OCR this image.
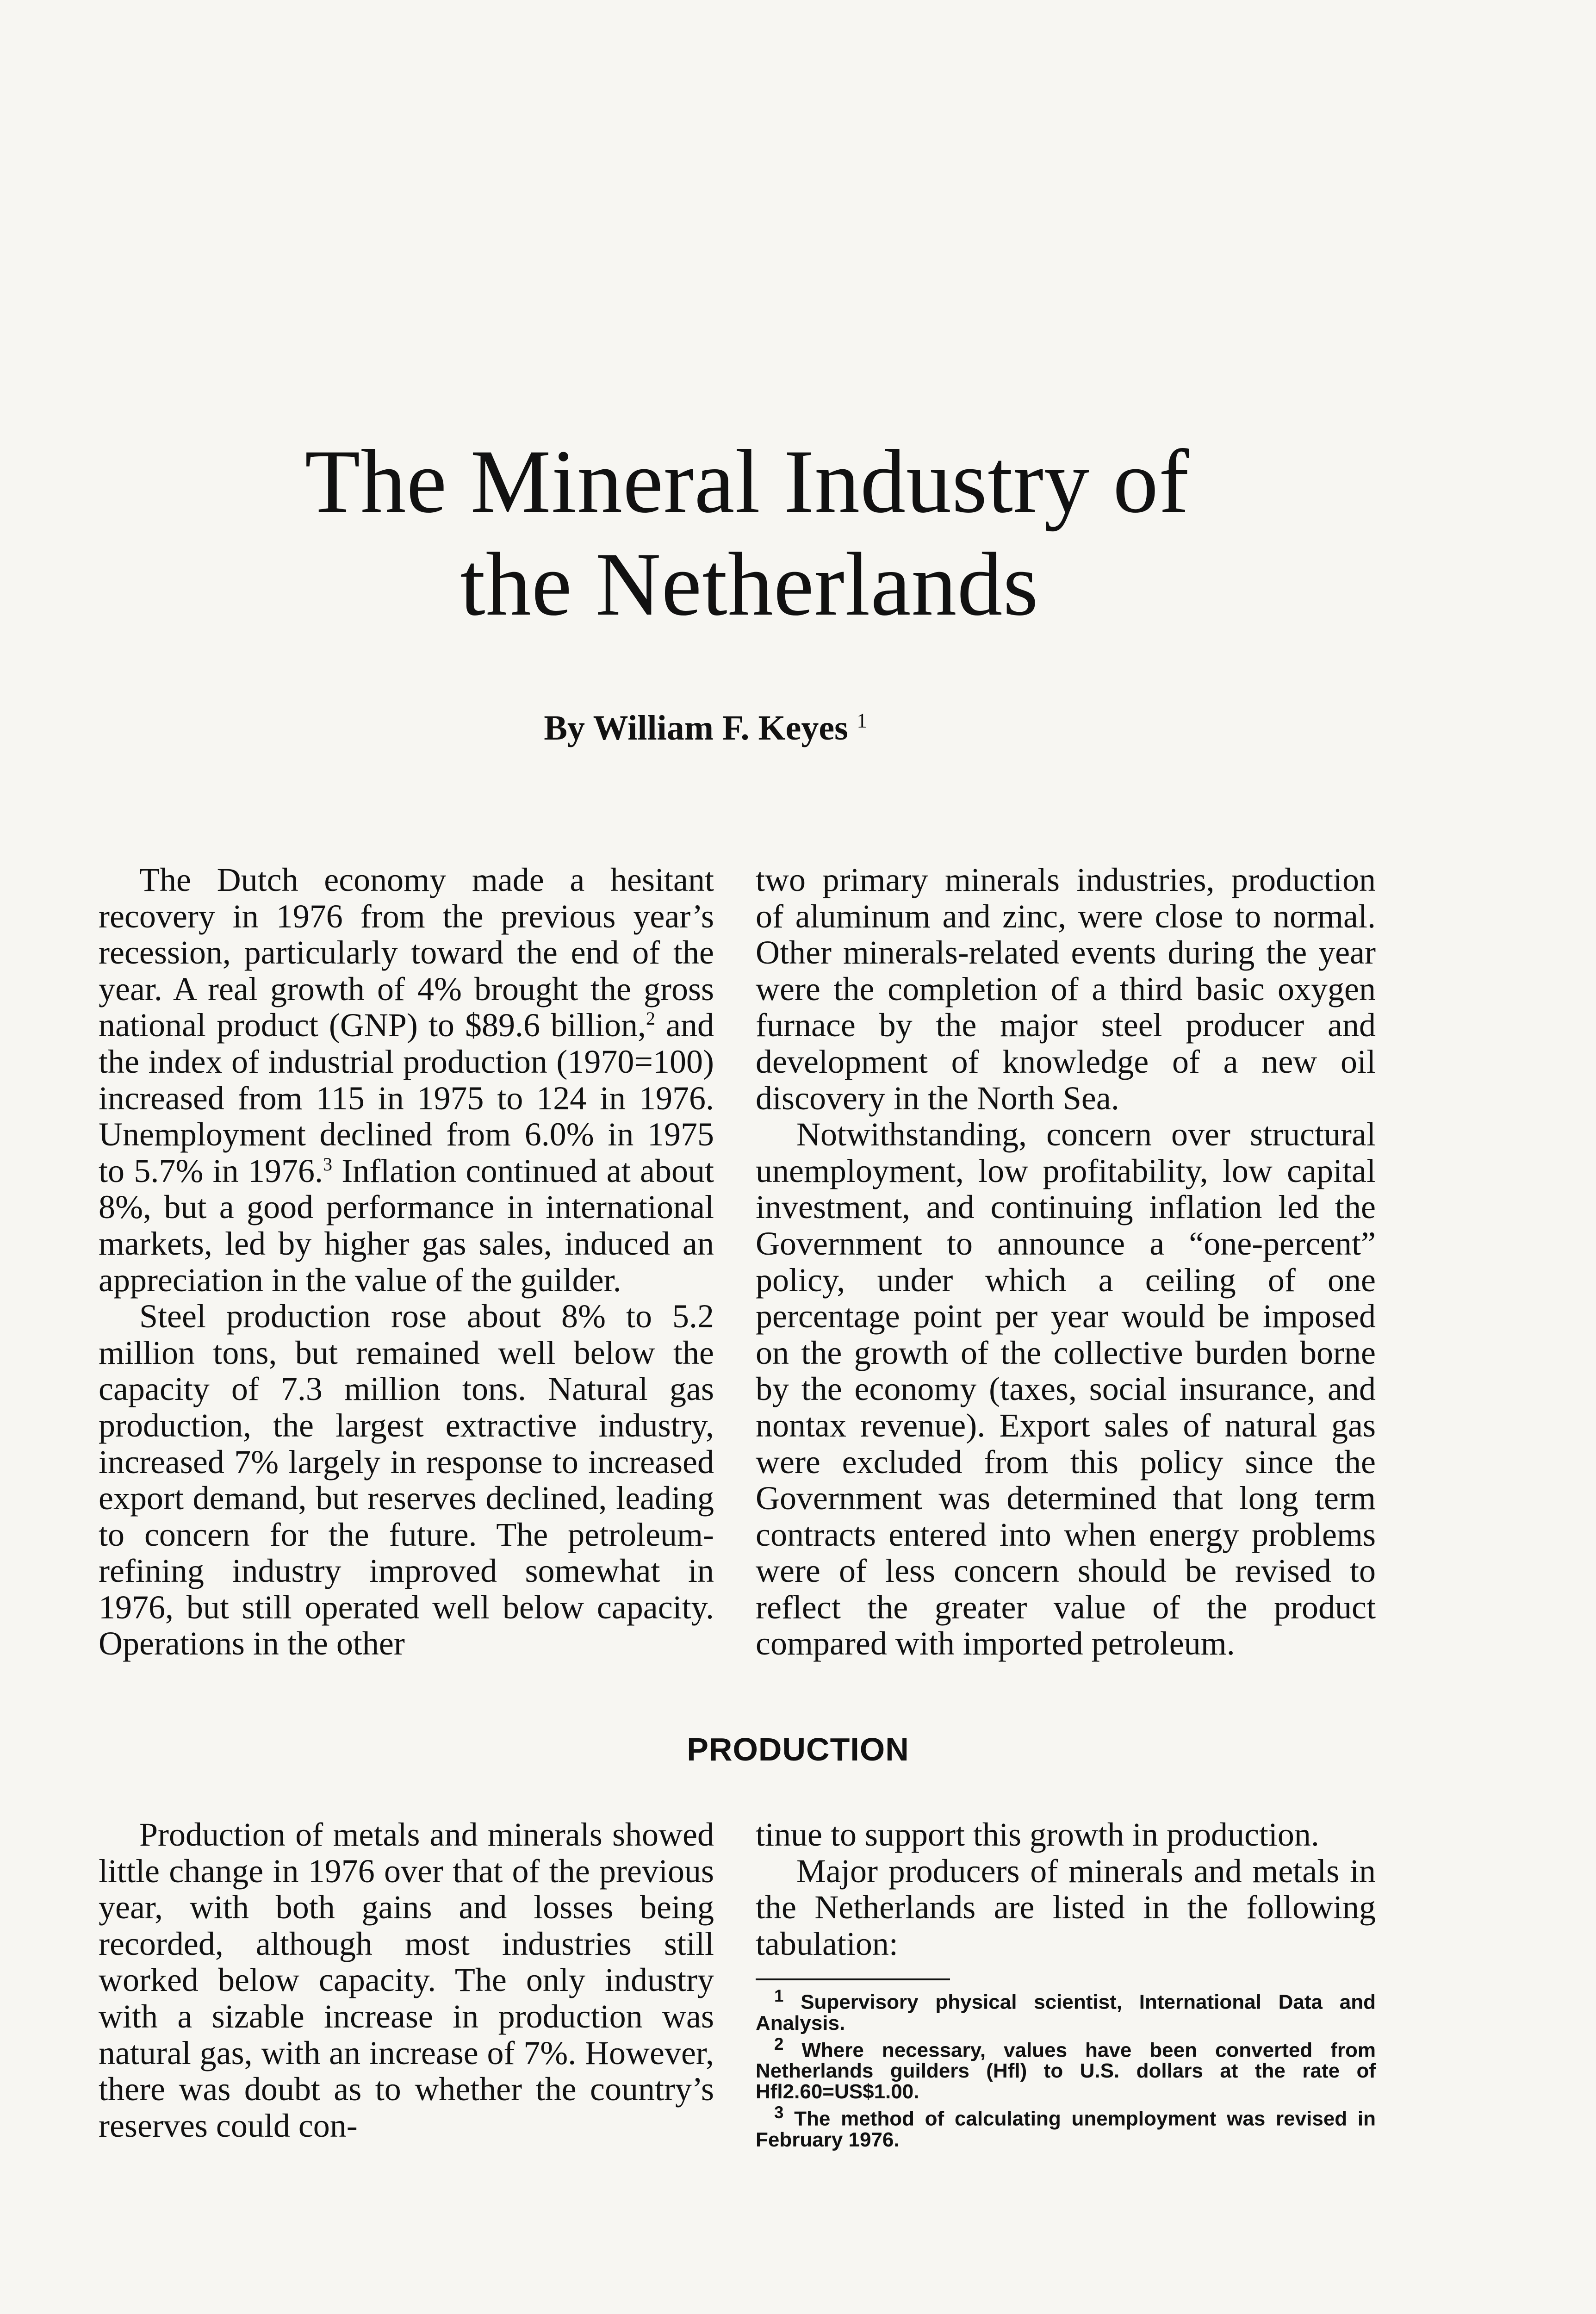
The Mineral Industry of
the Netherlands
By William F. Keyes $^1$

The Dutch economy made a hesitant recovery in 1976 from the previous year’s recession, particularly toward the end of the year. A real growth of 4% brought the gross national product (GNP) to $89.6 billion,$^2$ and the index of industrial production (1970=100) increased from 115 in 1975 to 124 in 1976. Unemployment declined from 6.0% in 1975 to 5.7% in 1976.$^3$ Inflation continued at about 8%, but a good performance in international markets, led by higher gas sales, induced an appreciation in the value of the guilder.

Steel production rose about 8% to 5.2 million tons, but remained well below the capacity of 7.3 million tons. Natural gas production, the largest extractive industry, increased 7% largely in response to increased export demand, but reserves declined, leading to concern for the future. The petroleum-refining industry improved somewhat in 1976, but still operated well below capacity. Operations in the other

two primary minerals industries, production of aluminum and zinc, were close to normal. Other minerals-related events during the year were the completion of a third basic oxygen furnace by the major steel producer and development of knowledge of a new oil discovery in the North Sea.

Notwithstanding, concern over structural unemployment, low profitability, low capital investment, and continuing inflation led the Government to announce a “one-percent” policy, under which a ceiling of one percentage point per year would be imposed on the growth of the collective burden borne by the economy (taxes, social insurance, and nontax revenue). Export sales of natural gas were excluded from this policy since the Government was determined that long term contracts entered into when energy problems were of less concern should be revised to reflect the greater value of the product compared with imported petroleum.

PRODUCTION

Production of metals and minerals showed little change in 1976 over that of the previous year, with both gains and losses being recorded, although most industries still worked below capacity. The only industry with a sizable increase in production was natural gas, with an increase of 7%. However, there was doubt as to whether the country’s reserves could con-

tinue to support this growth in production.

Major producers of minerals and metals in the Netherlands are listed in the following tabulation:

$^1$ Supervisory physical scientist, International Data and Analysis.

$^2$ Where necessary, values have been converted from Netherlands guilders (Hfl) to U.S. dollars at the rate of Hfl2.60=US$1.00.

$^3$ The method of calculating unemployment was revised in February 1976.
